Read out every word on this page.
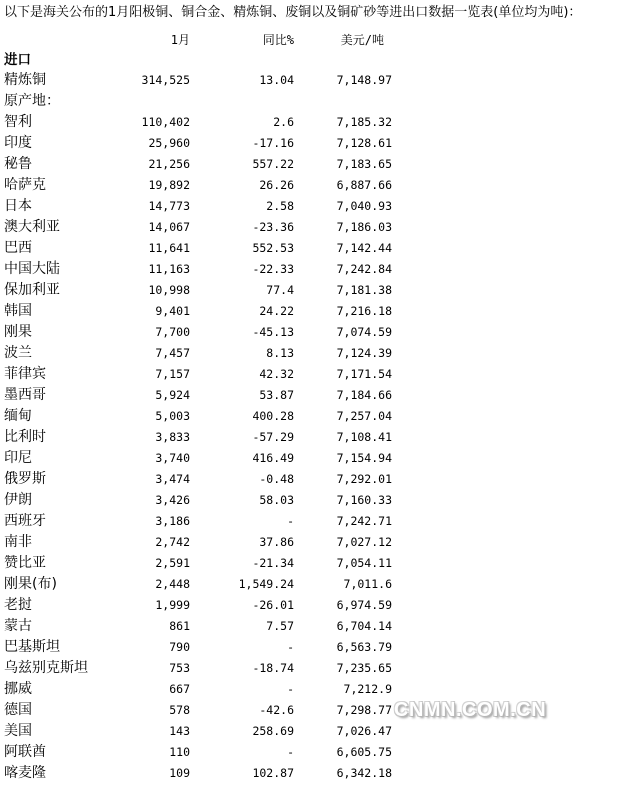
以下是海关公布的1月阳极铜、铜合金、精炼铜、废铜以及铜矿砂等进出口数据一览表(单位均为吨)：
1月	同比%	美元/吨
进口
精炼铜	314,525	13.04	7,148.97
原产地：
智利	110,402	2.6	7,185.32
印度	25,960	-17.16	7,128.61
秘鲁	21,256	557.22	7,183.65
哈萨克	19,892	26.26	6,887.66
日本	14,773	2.58	7,040.93
澳大利亚	14,067	-23.36	7,186.03
巴西	11,641	552.53	7,142.44
中国大陆	11,163	-22.33	7,242.84
保加利亚	10,998	77.4	7,181.38
韩国	9,401	24.22	7,216.18
刚果	7,700	-45.13	7,074.59
波兰	7,457	8.13	7,124.39
菲律宾	7,157	42.32	7,171.54
墨西哥	5,924	53.87	7,184.66
缅甸	5,003	400.28	7,257.04
比利时	3,833	-57.29	7,108.41
印尼	3,740	416.49	7,154.94
俄罗斯	3,474	-0.48	7,292.01
伊朗	3,426	58.03	7,160.33
西班牙	3,186	-	7,242.71
南非	2,742	37.86	7,027.12
赞比亚	2,591	-21.34	7,054.11
刚果(布)	2,448	1,549.24	7,011.6
老挝	1,999	-26.01	6,974.59
蒙古	861	7.57	6,704.14
巴基斯坦	790	-	6,563.79
乌兹别克斯坦	753	-18.74	7,235.65
挪威	667	-	7,212.9
德国	578	-42.6	7,298.77
美国	143	258.69	7,026.47
阿联酋	110	-	6,605.75
喀麦隆	109	102.87	6,342.18
CNMN.COM.CN
